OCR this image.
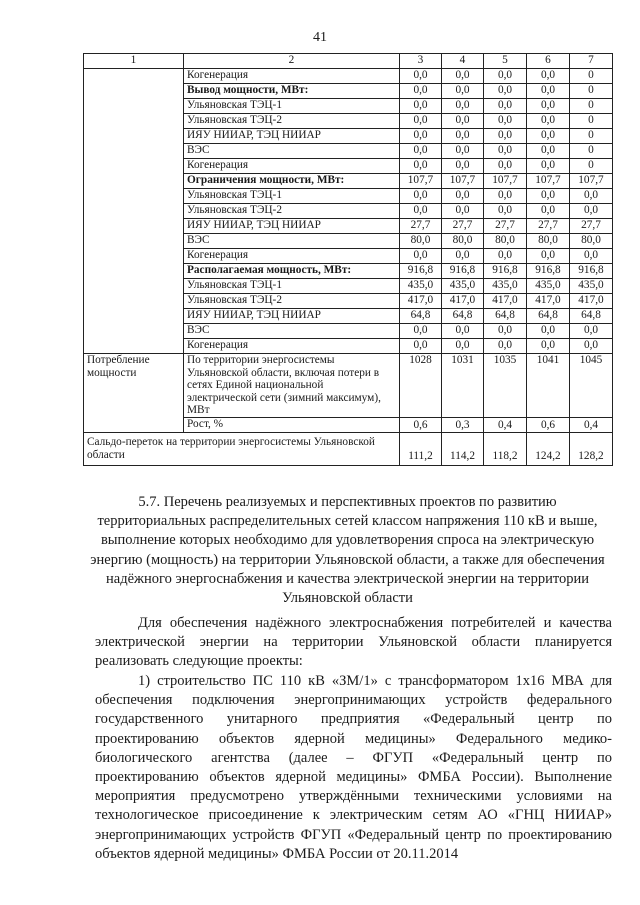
41
1	2	3	4	5	6	7
	Когенерация	0,0	0,0	0,0	0,0	0
	Вывод мощности, МВт:	0,0	0,0	0,0	0,0	0
	Ульяновская ТЭЦ-1	0,0	0,0	0,0	0,0	0
	Ульяновская ТЭЦ-2	0,0	0,0	0,0	0,0	0
	ИЯУ НИИАР, ТЭЦ НИИАР	0,0	0,0	0,0	0,0	0
	ВЭС	0,0	0,0	0,0	0,0	0
	Когенерация	0,0	0,0	0,0	0,0	0
	Ограничения мощности, МВт:	107,7	107,7	107,7	107,7	107,7
	Ульяновская ТЭЦ-1	0,0	0,0	0,0	0,0	0,0
	Ульяновская ТЭЦ-2	0,0	0,0	0,0	0,0	0,0
	ИЯУ НИИАР, ТЭЦ НИИАР	27,7	27,7	27,7	27,7	27,7
	ВЭС	80,0	80,0	80,0	80,0	80,0
	Когенерация	0,0	0,0	0,0	0,0	0,0
	Располагаемая мощность, МВт:	916,8	916,8	916,8	916,8	916,8
	Ульяновская ТЭЦ-1	435,0	435,0	435,0	435,0	435,0
	Ульяновская ТЭЦ-2	417,0	417,0	417,0	417,0	417,0
	ИЯУ НИИАР, ТЭЦ НИИАР	64,8	64,8	64,8	64,8	64,8
	ВЭС	0,0	0,0	0,0	0,0	0,0
	Когенерация	0,0	0,0	0,0	0,0	0,0
Потребление мощности	По территории энергосистемы Ульяновской области, включая потери в сетях Единой национальной электрической сети (зимний максимум), МВт	1028	1031	1035	1041	1045
	Рост, %	0,6	0,3	0,4	0,6	0,4
Сальдо-переток на территории энергосистемы Ульяновской области		111,2	114,2	118,2	124,2	128,2
5.7. Перечень реализуемых и перспективных проектов по развитию территориальных распределительных сетей классом напряжения 110 кВ и выше, выполнение которых необходимо для удовлетворения спроса на электрическую энергию (мощность) на территории Ульяновской области, а также для обеспечения надёжного энергоснабжения и качества электрической энергии на территории Ульяновской области

Для обеспечения надёжного электроснабжения потребителей и качества электрической энергии на территории Ульяновской области планируется реализовать следующие проекты:

1) строительство ПС 110 кВ «ЗМ/1» с трансформатором 1х16 МВА для обеспечения подключения энергопринимающих устройств федерального государственного унитарного предприятия «Федеральный центр по проектированию объектов ядерной медицины» Федерального медико-биологического агентства (далее – ФГУП «Федеральный центр по проектированию объектов ядерной медицины» ФМБА России). Выполнение мероприятия предусмотрено утверждёнными техническими условиями на технологическое присоединение к электрическим сетям АО «ГНЦ НИИАР» энергопринимающих устройств ФГУП «Федеральный центр по проектированию объектов ядерной медицины» ФМБА России от 20.11.2014
